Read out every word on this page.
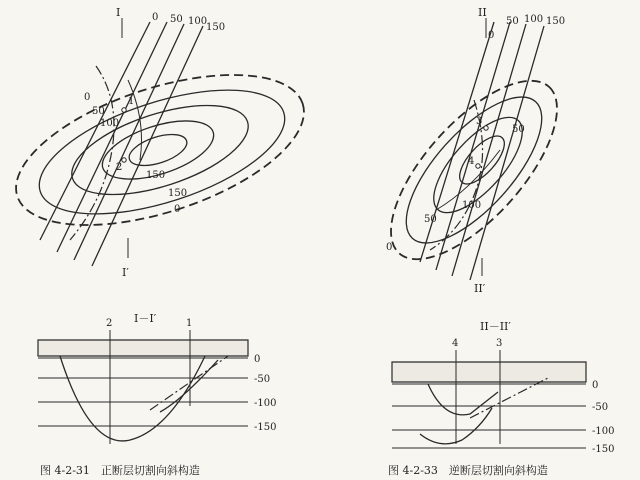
I
I′
0 50 100
150
0
50
100
150
150
0
1
2
I－I′
0
-50
-100
-150
2	1
图 4-2-31　正断层切割向斜构造
II
II′
0
50 100 150
50
100
0
50
3
4
II－II′
0
-50
-100
-150
4	3
图 4-2-33　逆断层切割向斜构造
